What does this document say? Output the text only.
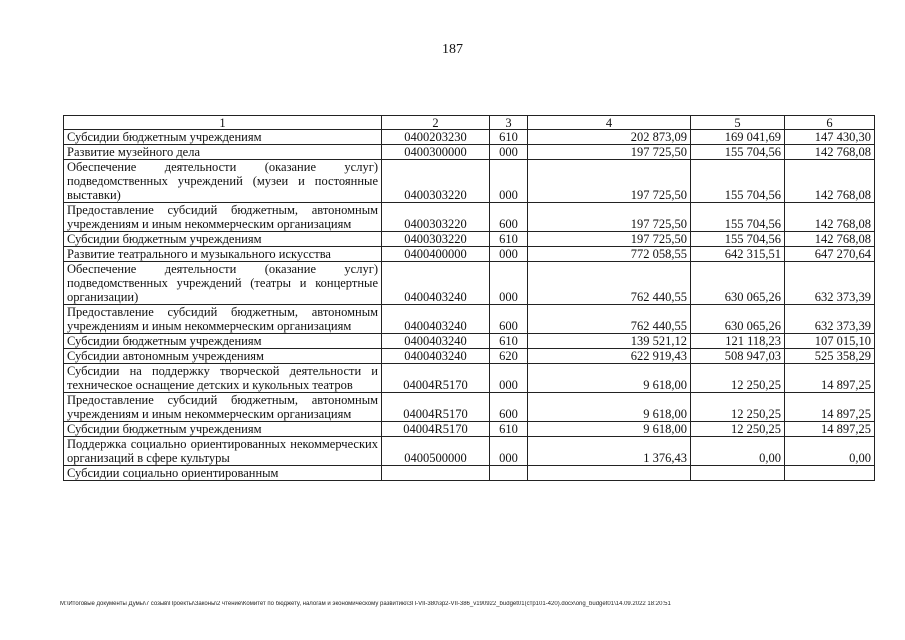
187
1	2	3	4	5	6
Субсидии бюджетным учреждениям	0400203230	610	202 873,09	169 041,69	147 430,30
Развитие музейного дела	0400300000	000	197 725,50	155 704,56	142 768,08
Обеспечение деятельности (оказание услуг) подведомственных учреждений (музеи и постоянные выставки)	0400303220	000	197 725,50	155 704,56	142 768,08
Предоставление субсидий бюджетным, автономным учреждениям и иным некоммерческим организациям	0400303220	600	197 725,50	155 704,56	142 768,08
Субсидии бюджетным учреждениям	0400303220	610	197 725,50	155 704,56	142 768,08
Развитие театрального и музыкального искусства	0400400000	000	772 058,55	642 315,51	647 270,64
Обеспечение деятельности (оказание услуг) подведомственных учреждений (театры и концертные организации)	0400403240	000	762 440,55	630 065,26	632 373,39
Предоставление субсидий бюджетным, автономным учреждениям и иным некоммерческим организациям	0400403240	600	762 440,55	630 065,26	632 373,39
Субсидии бюджетным учреждениям	0400403240	610	139 521,12	121 118,23	107 015,10
Субсидии автономным учреждениям	0400403240	620	622 919,43	508 947,03	525 358,29
Субсидии на поддержку творческой деятельности и техническое оснащение детских и кукольных театров	04004R5170	000	9 618,00	12 250,25	14 897,25
Предоставление субсидий бюджетным, автономным учреждениям и иным некоммерческим организациям	04004R5170	600	9 618,00	12 250,25	14 897,25
Субсидии бюджетным учреждениям	04004R5170	610	9 618,00	12 250,25	14 897,25
Поддержка социально ориентированных некоммерческих организаций в сфере культуры	0400500000	000	1 376,43	0,00	0,00
Субсидии социально ориентированным					
M:\Итоговые документы Думы\7 созыв\Проекты\Законы\2 чтение\Комитет по бюджету, налогам и экономическому развитию\ЗП-VII-380\зр2-VII-386_v190922_budget01(стр101-420).docx\orig_budget01\14.09.2022 18:20:51
